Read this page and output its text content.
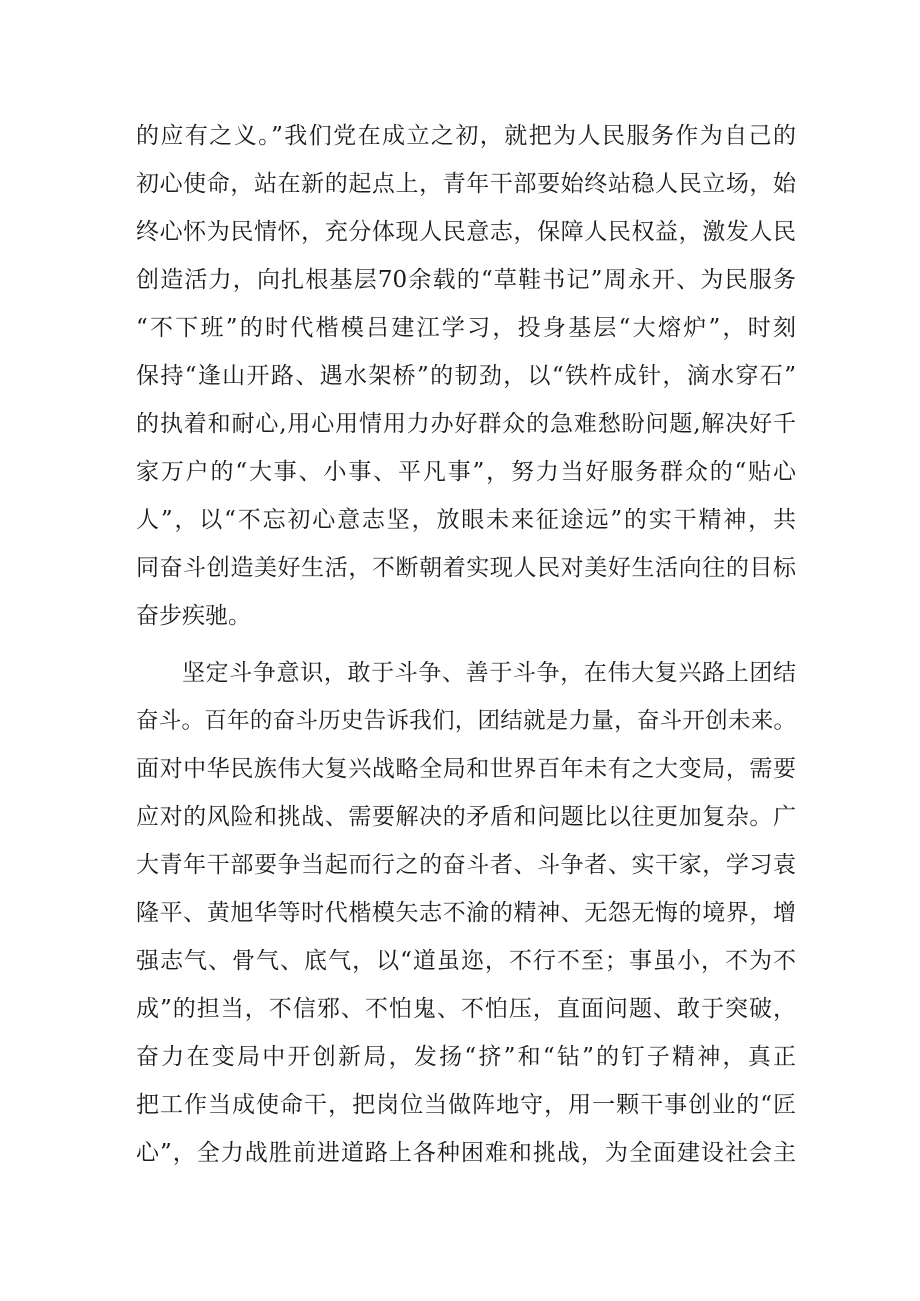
的应有之义。”我们党在成立之初，就把为人民服务作为自己的
初心使命，站在新的起点上，青年干部要始终站稳人民立场，始
终心怀为民情怀，充分体现人民意志，保障人民权益，激发人民
创造活力，向扎根基层70余载的“草鞋书记”周永开、为民服务
“不下班”的时代楷模吕建江学习，投身基层“大熔炉”，时刻
保持“逢山开路、遇水架桥”的韧劲，以“铁杵成针，滴水穿石”
的执着和耐心,用心用情用力办好群众的急难愁盼问题,解决好千
家万户的“大事、小事、平凡事”，努力当好服务群众的“贴心
人”，以“不忘初心意志坚，放眼未来征途远”的实干精神，共
同奋斗创造美好生活，不断朝着实现人民对美好生活向往的目标
奋步疾驰。
坚定斗争意识，敢于斗争、善于斗争，在伟大复兴路上团结
奋斗。百年的奋斗历史告诉我们，团结就是力量，奋斗开创未来。
面对中华民族伟大复兴战略全局和世界百年未有之大变局，需要
应对的风险和挑战、需要解决的矛盾和问题比以往更加复杂。广
大青年干部要争当起而行之的奋斗者、斗争者、实干家，学习袁
隆平、黄旭华等时代楷模矢志不渝的精神、无怨无悔的境界，增
强志气、骨气、底气，以“道虽迩，不行不至；事虽小，不为不
成”的担当，不信邪、不怕鬼、不怕压，直面问题、敢于突破，
奋力在变局中开创新局，发扬“挤”和“钻”的钉子精神，真正
把工作当成使命干，把岗位当做阵地守，用一颗干事创业的“匠
心”，全力战胜前进道路上各种困难和挑战，为全面建设社会主
